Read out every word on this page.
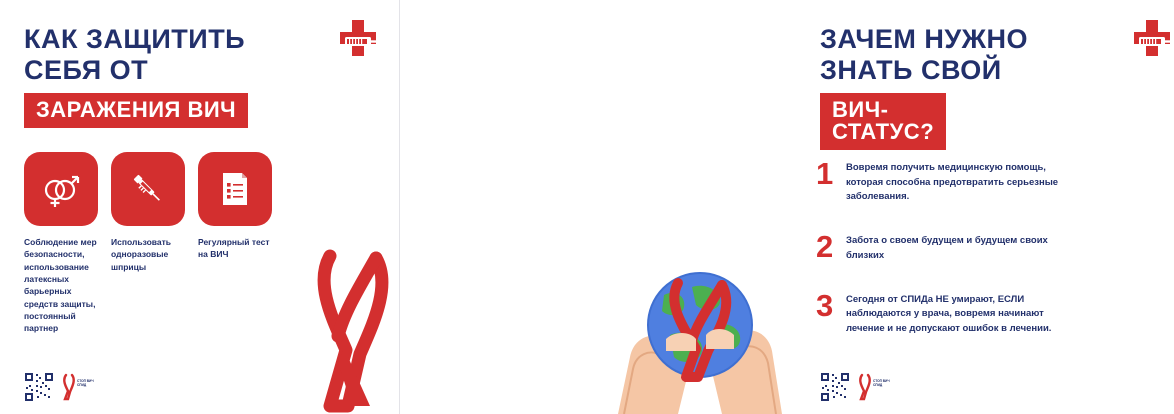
КАК ЗАЩИТИТЬ СЕБЯ ОТ
ЗАРАЖЕНИЯ ВИЧ
Соблюдение мер безопасности, использование латексных барьерных средств защиты, постоянный партнер
Использовать одноразовые шприцы
Регулярный тест на ВИЧ
СТОП ВИЧ СПИД
ЗАЧЕМ НУЖНО ЗНАТЬ СВОЙ
ВИЧ-СТАТУС?
1	Вовремя получить медицинскую помощь, которая способна предотвратить серьезные заболевания.
2	Забота о своем будущем и будущем своих близких
3	Сегодня от СПИДа НЕ умирают, ЕСЛИ наблюдаются у врача, вовремя начинают лечение и не допускают ошибок в лечении.
СТОП ВИЧ СПИД
